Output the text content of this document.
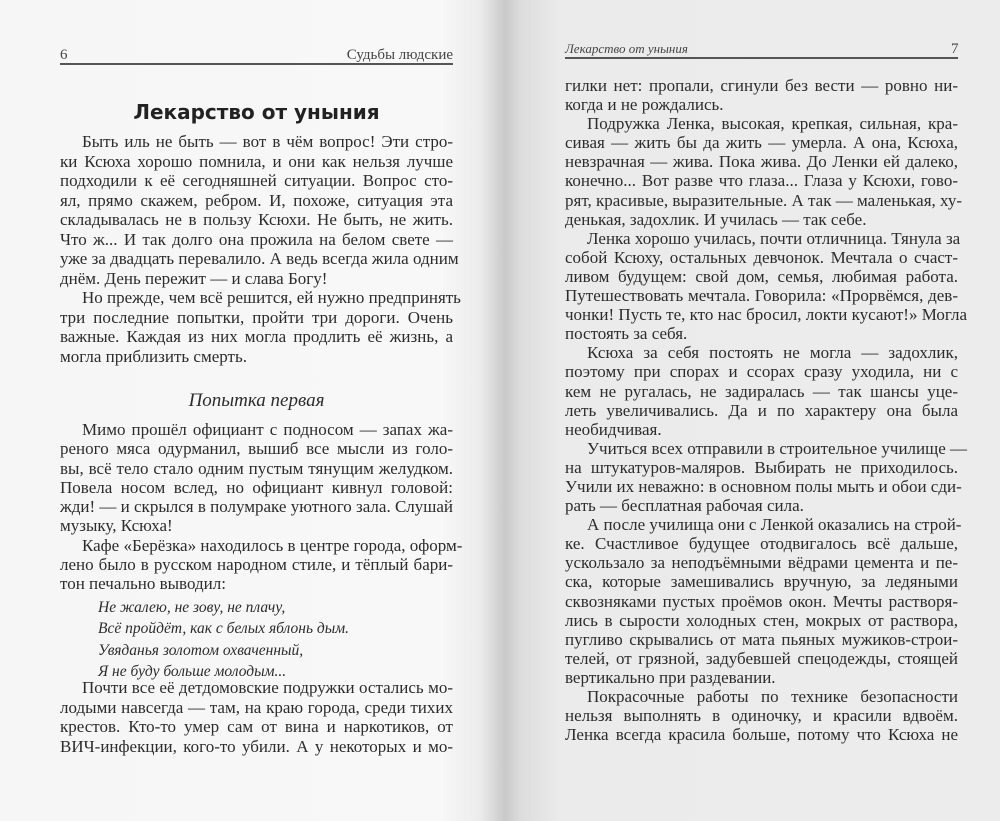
6	Судьбы людские
Лекарство от уныния
Быть иль не быть — вот в чём вопрос! Эти стро-
ки Ксюха хорошо помнила, и они как нельзя лучше
подходили к её сегодняшней ситуации. Вопрос сто-
ял, прямо скажем, ребром. И, похоже, ситуация эта
складывалась не в пользу Ксюхи. Не быть, не жить.
Что ж... И так долго она прожила на белом свете —
уже за двадцать перевалило. А ведь всегда жила одним
днём. День пережит — и слава Богу!
Но прежде, чем всё решится, ей нужно предпринять
три последние попытки, пройти три дороги. Очень
важные. Каждая из них могла продлить её жизнь, а
могла приблизить смерть.
Попытка первая
Мимо прошёл официант с подносом — запах жа-
реного мяса одурманил, вышиб все мысли из голо-
вы, всё тело стало одним пустым тянущим желудком.
Повела носом вслед, но официант кивнул головой:
жди! — и скрылся в полумраке уютного зала. Слушай
музыку, Ксюха!
Кафе «Берёзка» находилось в центре города, оформ-
лено было в русском народном стиле, и тёплый бари-
тон печально выводил:
Не жалею, не зову, не плачу,
Всё пройдёт, как с белых яблонь дым.
Увяданья золотом охваченный,
Я не буду больше молодым...
Почти все её детдомовские подружки остались мо-
лодыми навсегда — там, на краю города, среди тихих
крестов. Кто-то умер сам от вина и наркотиков, от
ВИЧ-инфекции, кого-то убили. А у некоторых и мо-
Лекарство от уныния	7
гилки нет: пропали, сгинули без вести — ровно ни-
когда и не рождались.
Подружка Ленка, высокая, крепкая, сильная, кра-
сивая — жить бы да жить — умерла. А она, Ксюха,
невзрачная — жива. Пока жива. До Ленки ей далеко,
конечно... Вот разве что глаза... Глаза у Ксюхи, гово-
рят, красивые, выразительные. А так — маленькая, ху-
денькая, задохлик. И училась — так себе.
Ленка хорошо училась, почти отличница. Тянула за
собой Ксюху, остальных девчонок. Мечтала о счаст-
ливом будущем: свой дом, семья, любимая работа.
Путешествовать мечтала. Говорила: «Прорвёмся, дев-
чонки! Пусть те, кто нас бросил, локти кусают!» Могла
постоять за себя.
Ксюха за себя постоять не могла — задохлик,
поэтому при спорах и ссорах сразу уходила, ни с
кем не ругалась, не задиралась — так шансы уце-
леть увеличивались. Да и по характеру она была
необидчивая.
Учиться всех отправили в строительное училище —
на штукатуров-маляров. Выбирать не приходилось.
Учили их неважно: в основном полы мыть и обои сди-
рать — бесплатная рабочая сила.
А после училища они с Ленкой оказались на строй-
ке. Счастливое будущее отодвигалось всё дальше,
ускользало за неподъёмными вёдрами цемента и пе-
ска, которые замешивались вручную, за ледяными
сквозняками пустых проёмов окон. Мечты растворя-
лись в сырости холодных стен, мокрых от раствора,
пугливо скрывались от мата пьяных мужиков-строи-
телей, от грязной, задубевшей спецодежды, стоящей
вертикально при раздевании.
Покрасочные работы по технике безопасности
нельзя выполнять в одиночку, и красили вдвоём.
Ленка всегда красила больше, потому что Ксюха не
